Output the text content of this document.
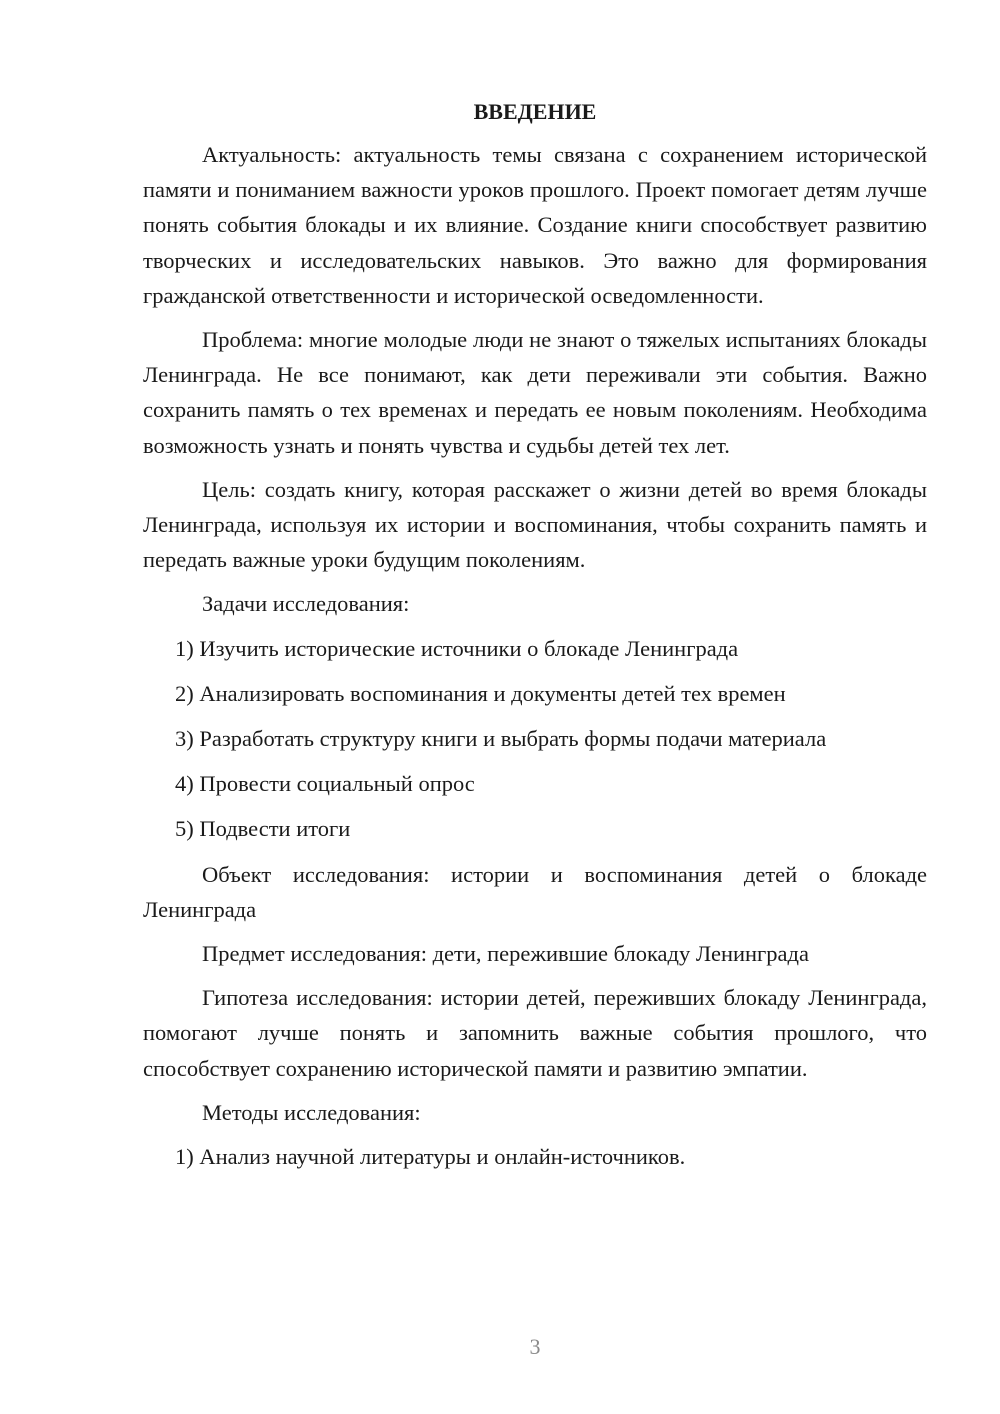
ВВЕДЕНИЕ

Актуальность: актуальность темы связана с сохранением исторической памяти и пониманием важности уроков прошлого. Проект помогает детям лучше понять события блокады и их влияние. Создание книги способствует развитию творческих и исследовательских навыков. Это важно для формирования гражданской ответственности и исторической осведомленности.

Проблема: многие молодые люди не знают о тяжелых испытаниях блокады Ленинграда. Не все понимают, как дети переживали эти события. Важно сохранить память о тех временах и передать ее новым поколениям. Необходима возможность узнать и понять чувства и судьбы детей тех лет.

Цель: создать книгу, которая расскажет о жизни детей во время блокады Ленинграда, используя их истории и воспоминания, чтобы сохранить память и передать важные уроки будущим поколениям.

Задачи исследования:

1) Изучить исторические источники о блокаде Ленинграда
2) Анализировать воспоминания и документы детей тех времен
3) Разработать структуру книги и выбрать формы подачи материала
4) Провести социальный опрос
5) Подвести итоги

Объект исследования: истории и воспоминания детей о блокаде Ленинграда

Предмет исследования: дети, пережившие блокаду Ленинграда

Гипотеза исследования: истории детей, переживших блокаду Ленинграда, помогают лучше понять и запомнить важные события прошлого, что способствует сохранению исторической памяти и развитию эмпатии.

Методы исследования:

1) Анализ научной литературы и онлайн-источников.
3
